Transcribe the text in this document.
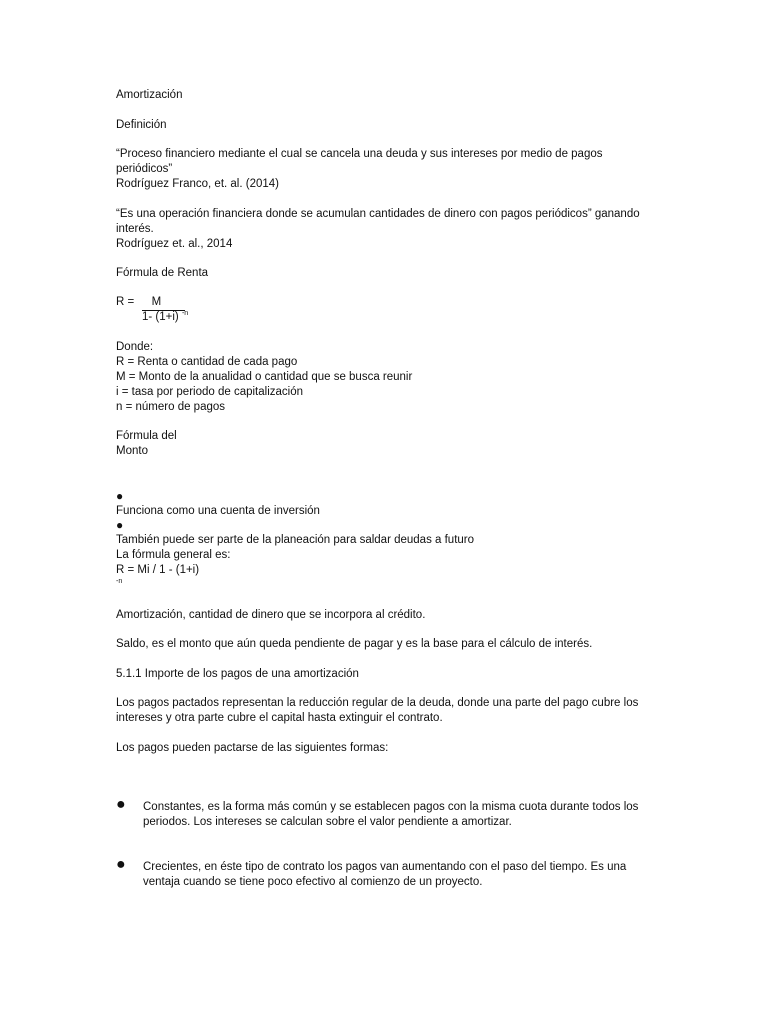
Amortización

Definición

“Proceso financiero mediante el cual se cancela una deuda y sus intereses por medio de pagos
periódicos”
Rodríguez Franco, et. al. (2014)
“Es una operación financiera donde se acumulan cantidades de dinero con pagos periódicos” ganando
interés.
Rodríguez et. al., 2014

Fórmula de Renta

R =	M
1- (1+i) $^{-n}$
Donde:
R = Renta o cantidad de cada pago
M = Monto de la anualidad o cantidad que se busca reunir
i = tasa por periodo de capitalización
n = número de pagos
Fórmula del
Monto

●
Funciona como una cuenta de inversión

●
También puede ser parte de la planeación para saldar deudas a futuro

La fórmula general es:
R = Mi / 1 - (1+i)
$^{-n}$

Amortización, cantidad de dinero que se incorpora al crédito.

Saldo, es el monto que aún queda pendiente de pagar y es la base para el cálculo de interés.

5.1.1 Importe de los pagos de una amortización

Los pagos pactados representan la reducción regular de la deuda, donde una parte del pago cubre los
intereses y otra parte cubre el capital hasta extinguir el contrato.

Los pagos pueden pactarse de las siguientes formas:

● Constantes, es la forma más común y se establecen pagos con la misma cuota durante todos los
periodos. Los intereses se calculan sobre el valor pendiente a amortizar.
● Crecientes, en éste tipo de contrato los pagos van aumentando con el paso del tiempo. Es una
ventaja cuando se tiene poco efectivo al comienzo de un proyecto.
